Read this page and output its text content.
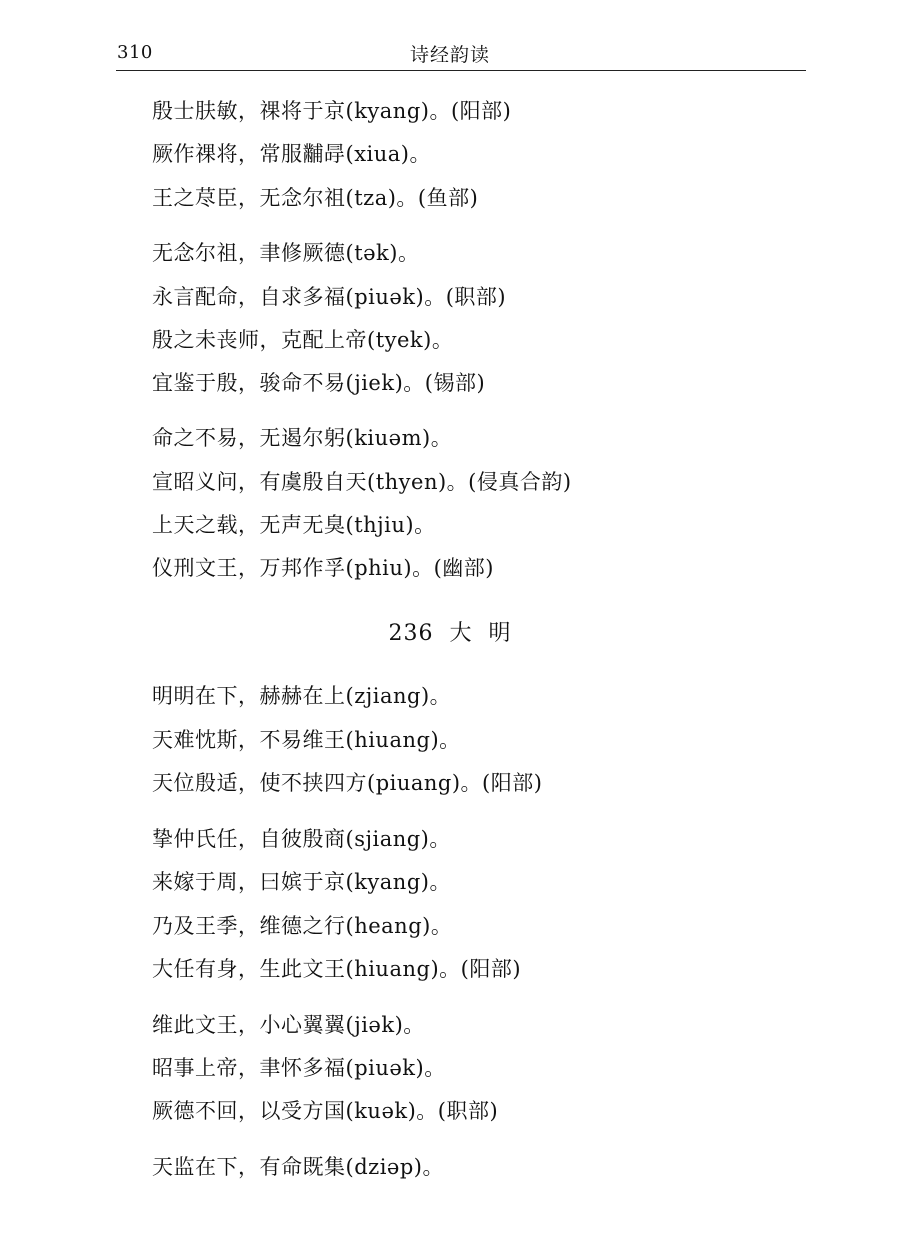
310	诗经韵读
殷士肤敏，祼将于京(kyang)。(阳部)
厥作祼将，常服黼冔(xiua)。
王之荩臣，无念尔祖(tza)。(鱼部)
无念尔祖，聿修厥德(tək)。
永言配命，自求多福(piuək)。(职部)
殷之未丧师，克配上帝(tyek)。
宜鉴于殷，骏命不易(jiek)。(锡部)
命之不易，无遏尔躬(kiuəm)。
宣昭义问，有虞殷自天(thyen)。(侵真合韵)
上天之载，无声无臭(thjiu)。
仪刑文王，万邦作孚(phiu)。(幽部)
236  大  明
明明在下，赫赫在上(zjiang)。
天难忱斯，不易维王(hiuang)。
天位殷适，使不挟四方(piuang)。(阳部)
挚仲氏任，自彼殷商(sjiang)。
来嫁于周，曰嫔于京(kyang)。
乃及王季，维德之行(heang)。
大任有身，生此文王(hiuang)。(阳部)
维此文王，小心翼翼(jiək)。
昭事上帝，聿怀多福(piuək)。
厥德不回，以受方国(kuək)。(职部)
天监在下，有命既集(dziəp)。
